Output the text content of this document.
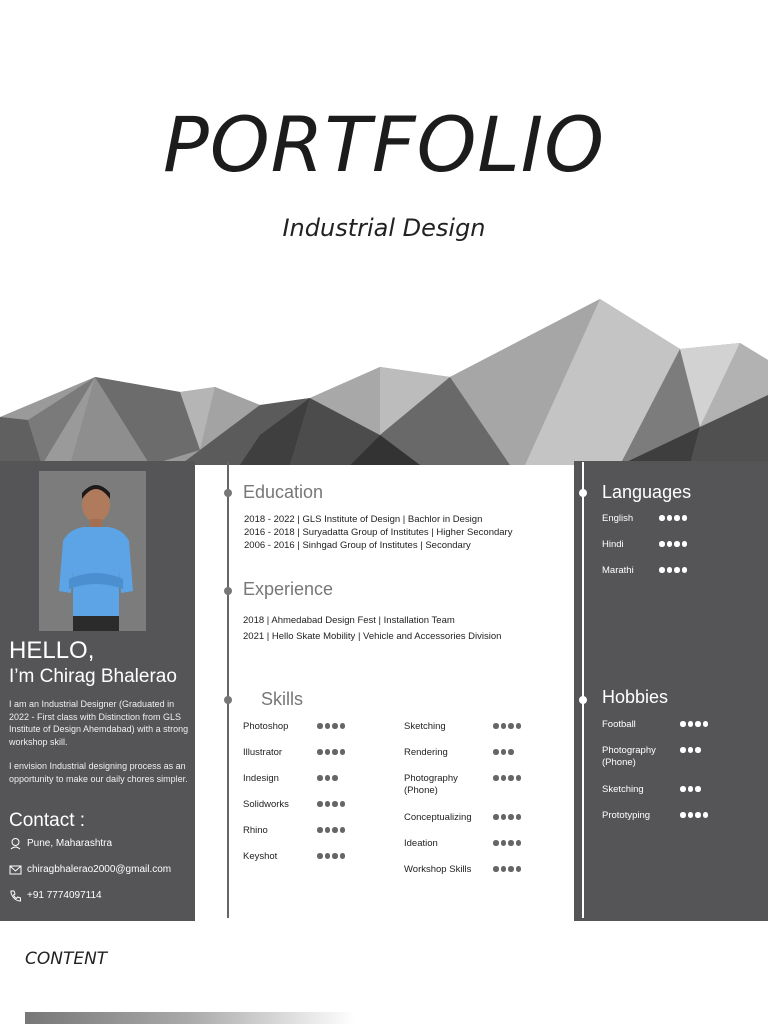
PORTFOLIO
Industrial Design
HELLO,
I’m Chirag Bhalerao

I am an Industrial Designer (Graduated in 2022 - First class with Distinction from GLS Institute of Design Ahemdabad) with a strong workshop skill.

I envision Industrial designing process as an opportunity to make our daily chores simpler.

Contact :
Pune, Maharashtra
chiragbhalerao2000@gmail.com
+91 7774097114
Education
2018 - 2022 | GLS Institute of Design | Bachlor in Design
2016 - 2018 | Suryadatta Group of Institutes | Higher Secondary
2006 - 2016 | Sinhgad Group of Institutes | Secondary
Experience
2018 | Ahmedabad Design Fest | Installation Team
2021 | Hello Skate Mobility | Vehicle and Accessories Division
Skills
Photoshop
Illustrator
Indesign
Solidworks
Rhino
Keyshot
Sketching
Rendering
Photography (Phone)
Conceptualizing
Ideation
Workshop Skills
Languages
English
Hindi
Marathi
Hobbies
Football
Photography (Phone)
Sketching
Prototyping
CONTENT
